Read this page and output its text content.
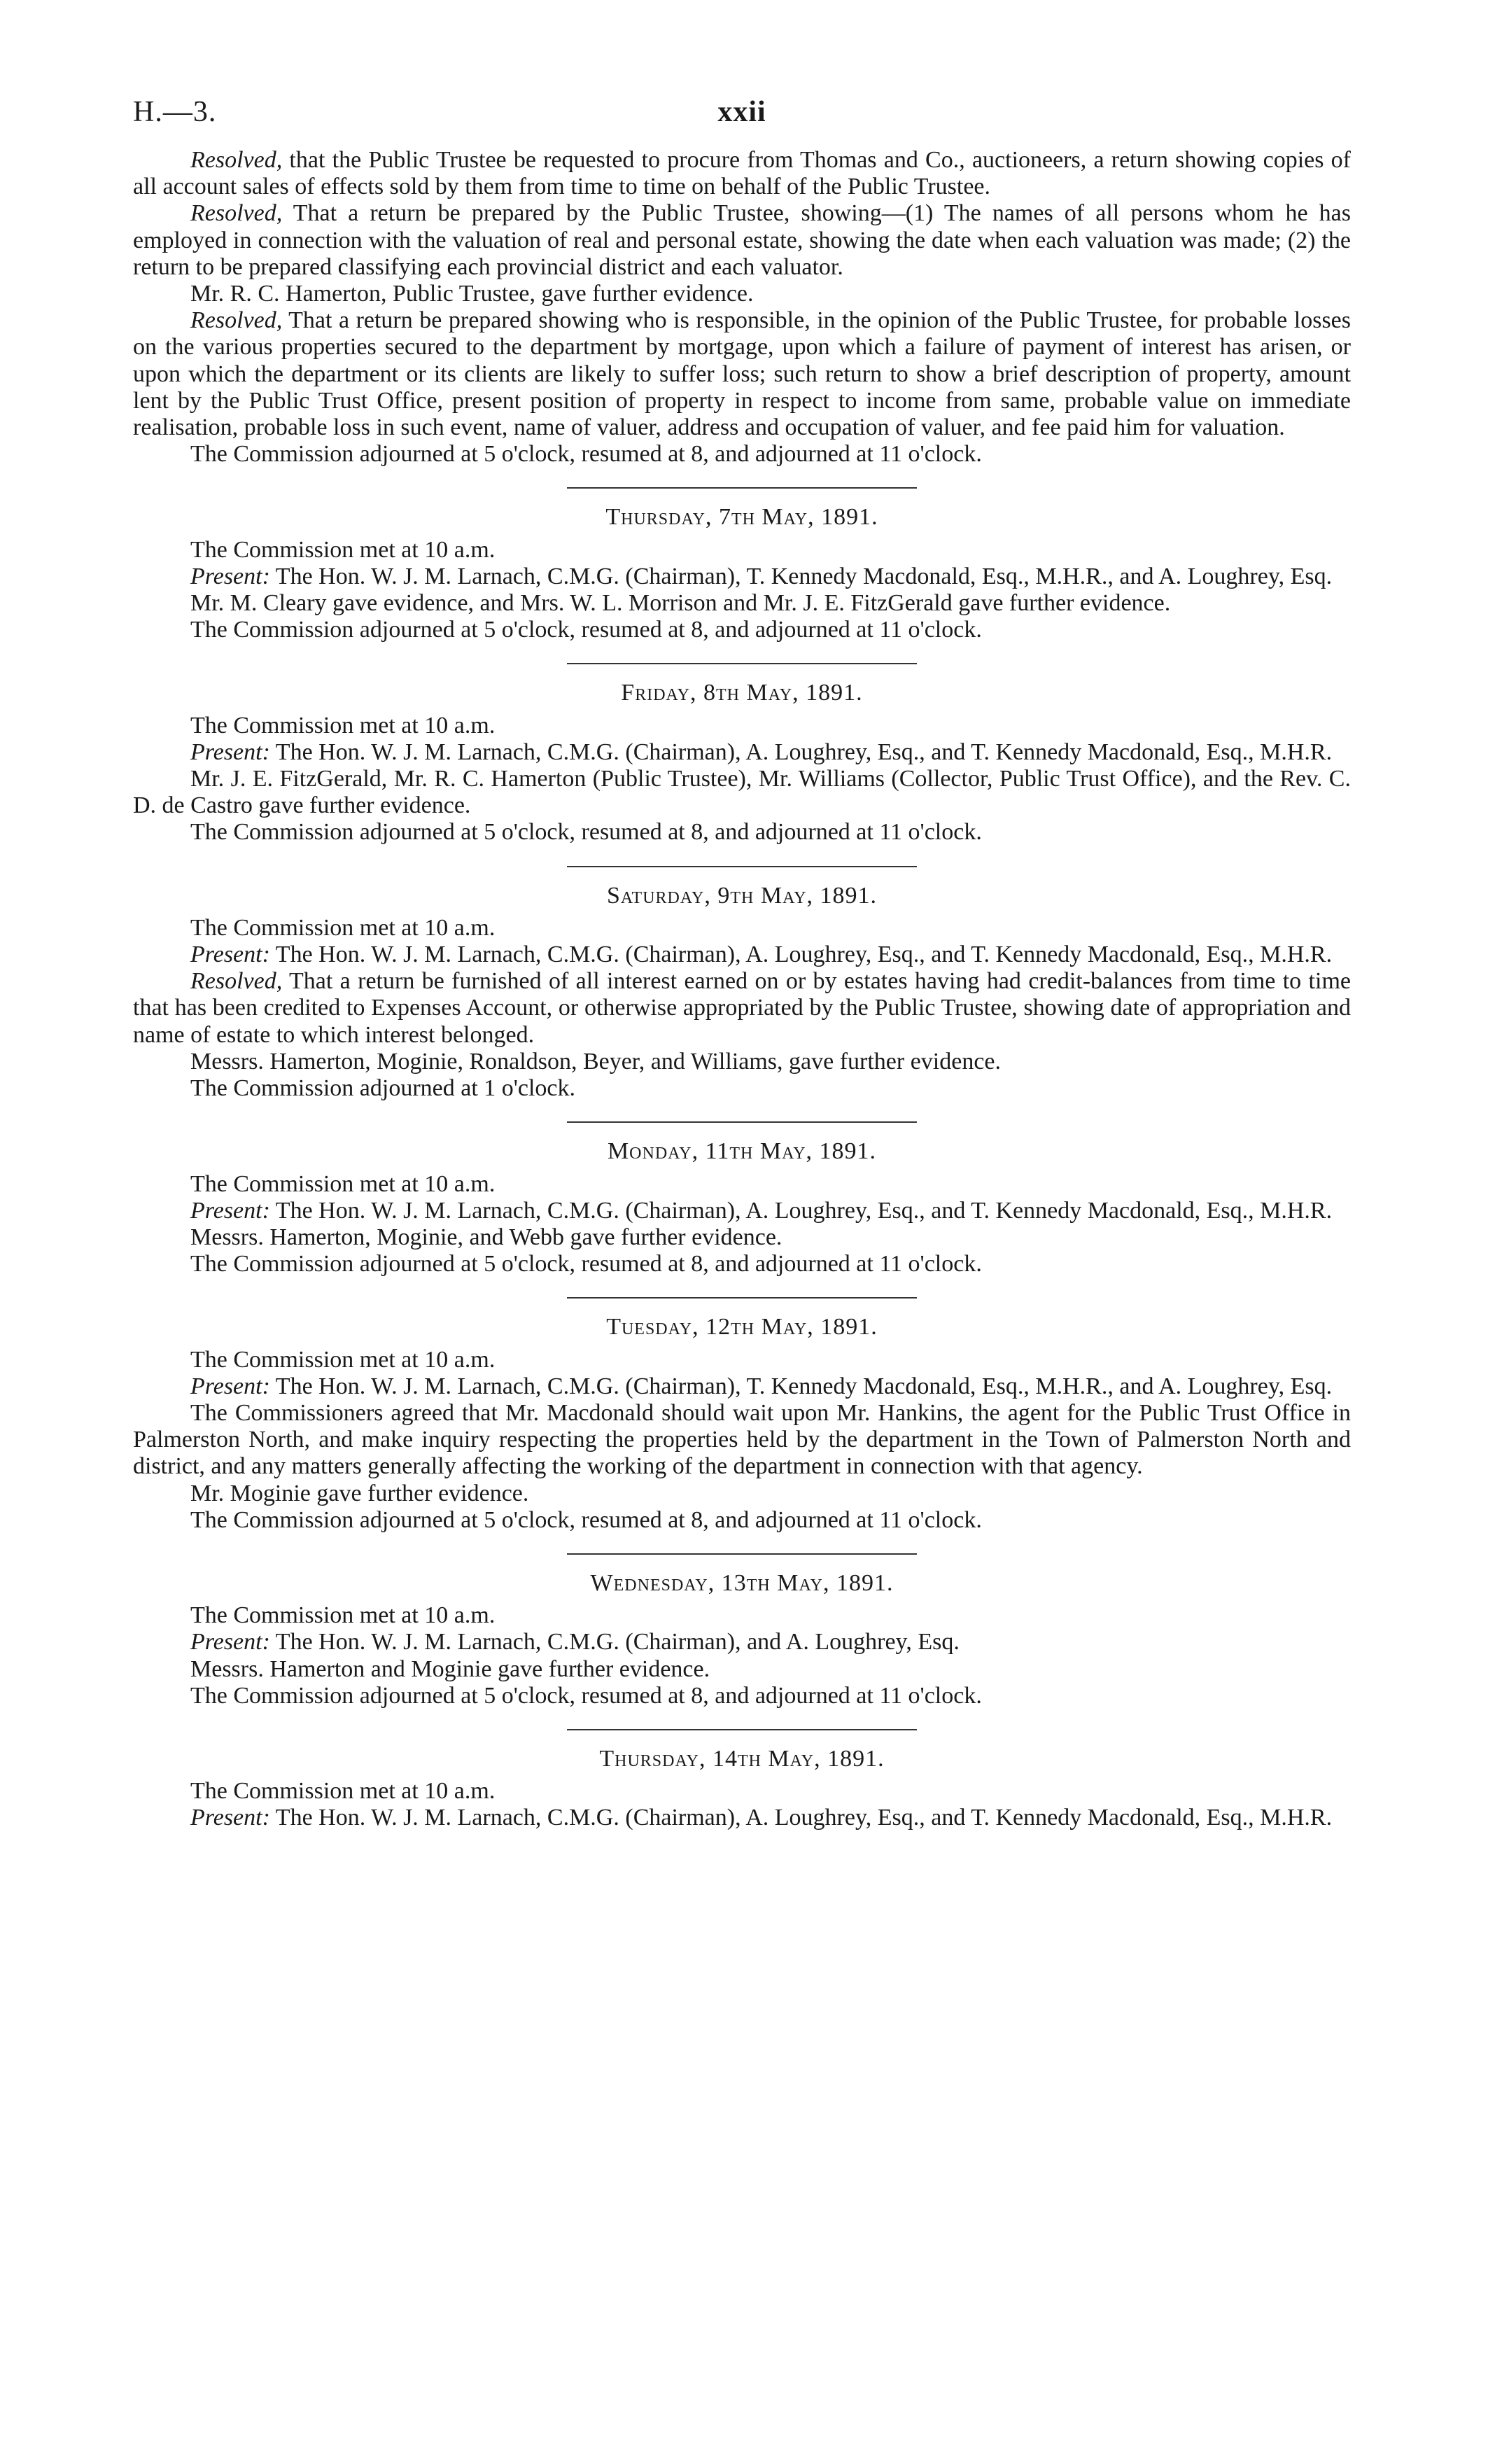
H.—3.	xxii

Resolved, that the Public Trustee be requested to procure from Thomas and Co., auctioneers, a return showing copies of all account sales of effects sold by them from time to time on behalf of the Public Trustee.

Resolved, That a return be prepared by the Public Trustee, showing—(1) The names of all persons whom he has employed in connection with the valuation of real and personal estate, showing the date when each valuation was made; (2) the return to be prepared classifying each provincial district and each valuator.

Mr. R. C. Hamerton, Public Trustee, gave further evidence.

Resolved, That a return be prepared showing who is responsible, in the opinion of the Public Trustee, for probable losses on the various properties secured to the department by mortgage, upon which a failure of payment of interest has arisen, or upon which the department or its clients are likely to suffer loss; such return to show a brief description of property, amount lent by the Public Trust Office, present position of property in respect to income from same, probable value on immediate realisation, probable loss in such event, name of valuer, address and occupation of valuer, and fee paid him for valuation.

The Commission adjourned at 5 o'clock, resumed at 8, and adjourned at 11 o'clock.

Thursday, 7th May, 1891.

The Commission met at 10 a.m.

Present: The Hon. W. J. M. Larnach, C.M.G. (Chairman), T. Kennedy Macdonald, Esq., M.H.R., and A. Loughrey, Esq.

Mr. M. Cleary gave evidence, and Mrs. W. L. Morrison and Mr. J. E. FitzGerald gave further evidence.

The Commission adjourned at 5 o'clock, resumed at 8, and adjourned at 11 o'clock.

Friday, 8th May, 1891.

The Commission met at 10 a.m.

Present: The Hon. W. J. M. Larnach, C.M.G. (Chairman), A. Loughrey, Esq., and T. Kennedy Macdonald, Esq., M.H.R.

Mr. J. E. FitzGerald, Mr. R. C. Hamerton (Public Trustee), Mr. Williams (Collector, Public Trust Office), and the Rev. C. D. de Castro gave further evidence.

The Commission adjourned at 5 o'clock, resumed at 8, and adjourned at 11 o'clock.

Saturday, 9th May, 1891.

The Commission met at 10 a.m.

Present: The Hon. W. J. M. Larnach, C.M.G. (Chairman), A. Loughrey, Esq., and T. Kennedy Macdonald, Esq., M.H.R.

Resolved, That a return be furnished of all interest earned on or by estates having had credit-balances from time to time that has been credited to Expenses Account, or otherwise appropriated by the Public Trustee, showing date of appropriation and name of estate to which interest belonged.

Messrs. Hamerton, Moginie, Ronaldson, Beyer, and Williams, gave further evidence.

The Commission adjourned at 1 o'clock.

Monday, 11th May, 1891.

The Commission met at 10 a.m.

Present: The Hon. W. J. M. Larnach, C.M.G. (Chairman), A. Loughrey, Esq., and T. Kennedy Macdonald, Esq., M.H.R.

Messrs. Hamerton, Moginie, and Webb gave further evidence.

The Commission adjourned at 5 o'clock, resumed at 8, and adjourned at 11 o'clock.

Tuesday, 12th May, 1891.

The Commission met at 10 a.m.

Present: The Hon. W. J. M. Larnach, C.M.G. (Chairman), T. Kennedy Macdonald, Esq., M.H.R., and A. Loughrey, Esq.

The Commissioners agreed that Mr. Macdonald should wait upon Mr. Hankins, the agent for the Public Trust Office in Palmerston North, and make inquiry respecting the properties held by the department in the Town of Palmerston North and district, and any matters generally affecting the working of the department in connection with that agency.

Mr. Moginie gave further evidence.

The Commission adjourned at 5 o'clock, resumed at 8, and adjourned at 11 o'clock.

Wednesday, 13th May, 1891.

The Commission met at 10 a.m.

Present: The Hon. W. J. M. Larnach, C.M.G. (Chairman), and A. Loughrey, Esq.

Messrs. Hamerton and Moginie gave further evidence.

The Commission adjourned at 5 o'clock, resumed at 8, and adjourned at 11 o'clock.

Thursday, 14th May, 1891.

The Commission met at 10 a.m.

Present: The Hon. W. J. M. Larnach, C.M.G. (Chairman), A. Loughrey, Esq., and T. Kennedy Macdonald, Esq., M.H.R.
